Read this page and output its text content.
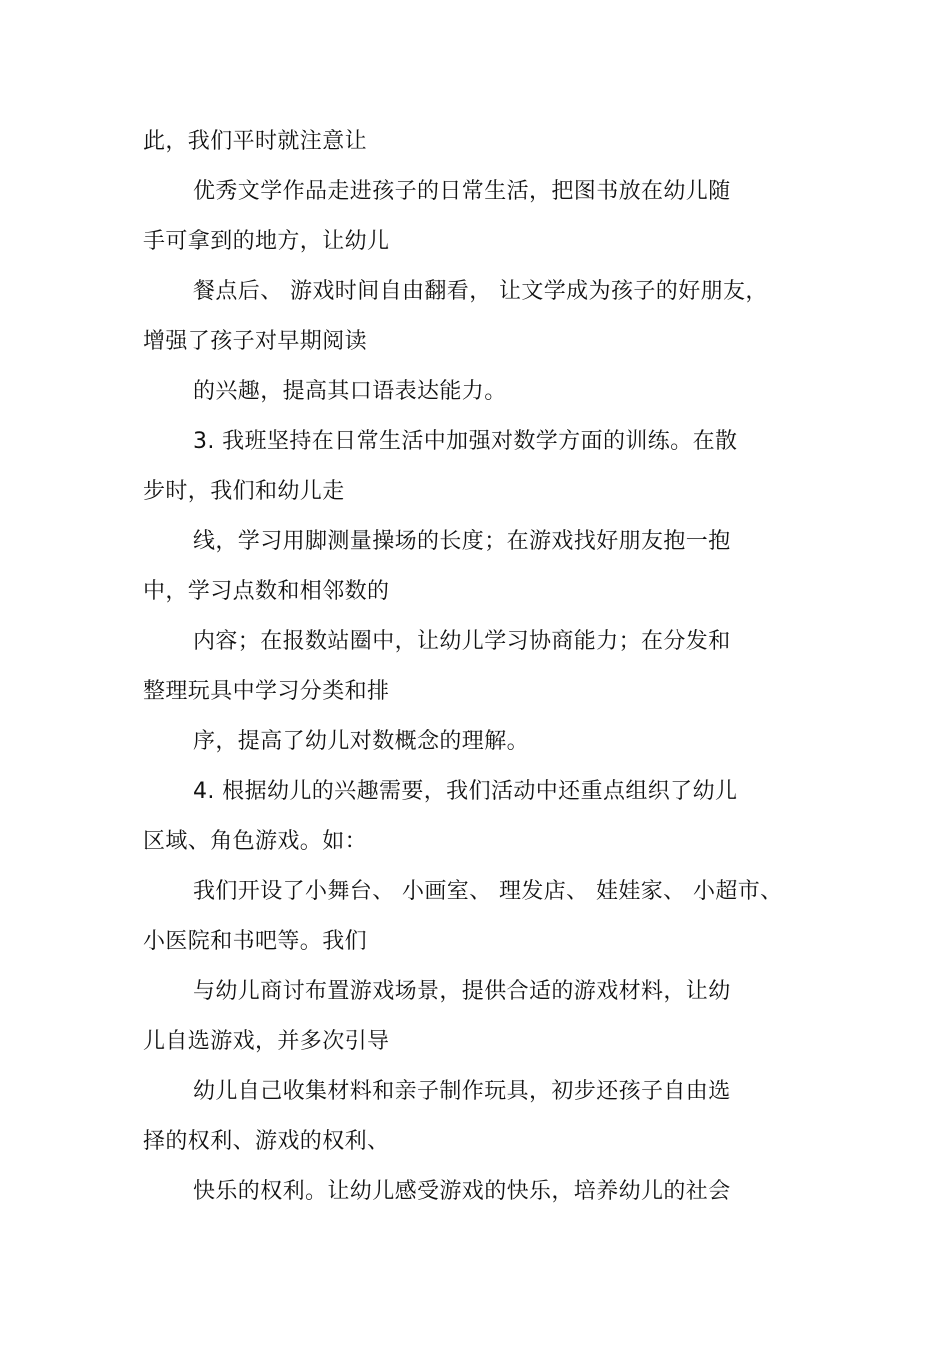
此，我们平时就注意让
优秀文学作品走进孩子的日常生活，把图书放在幼儿随
手可拿到的地方，让幼儿
餐点后、 游戏时间自由翻看， 让文学成为孩子的好朋友，
增强了孩子对早期阅读
的兴趣，提高其口语表达能力。
3. 我班坚持在日常生活中加强对数学方面的训练。在散
步时，我们和幼儿走
线，学习用脚测量操场的长度；在游戏找好朋友抱一抱
中，学习点数和相邻数的
内容；在报数站圈中，让幼儿学习协商能力；在分发和
整理玩具中学习分类和排
序，提高了幼儿对数概念的理解。
4. 根据幼儿的兴趣需要，我们活动中还重点组织了幼儿
区域、角色游戏。如：
我们开设了小舞台、 小画室、 理发店、 娃娃家、 小超市、
小医院和书吧等。我们
与幼儿商讨布置游戏场景，提供合适的游戏材料，让幼
儿自选游戏，并多次引导
幼儿自己收集材料和亲子制作玩具，初步还孩子自由选
择的权利、游戏的权利、
快乐的权利。让幼儿感受游戏的快乐，培养幼儿的社会
